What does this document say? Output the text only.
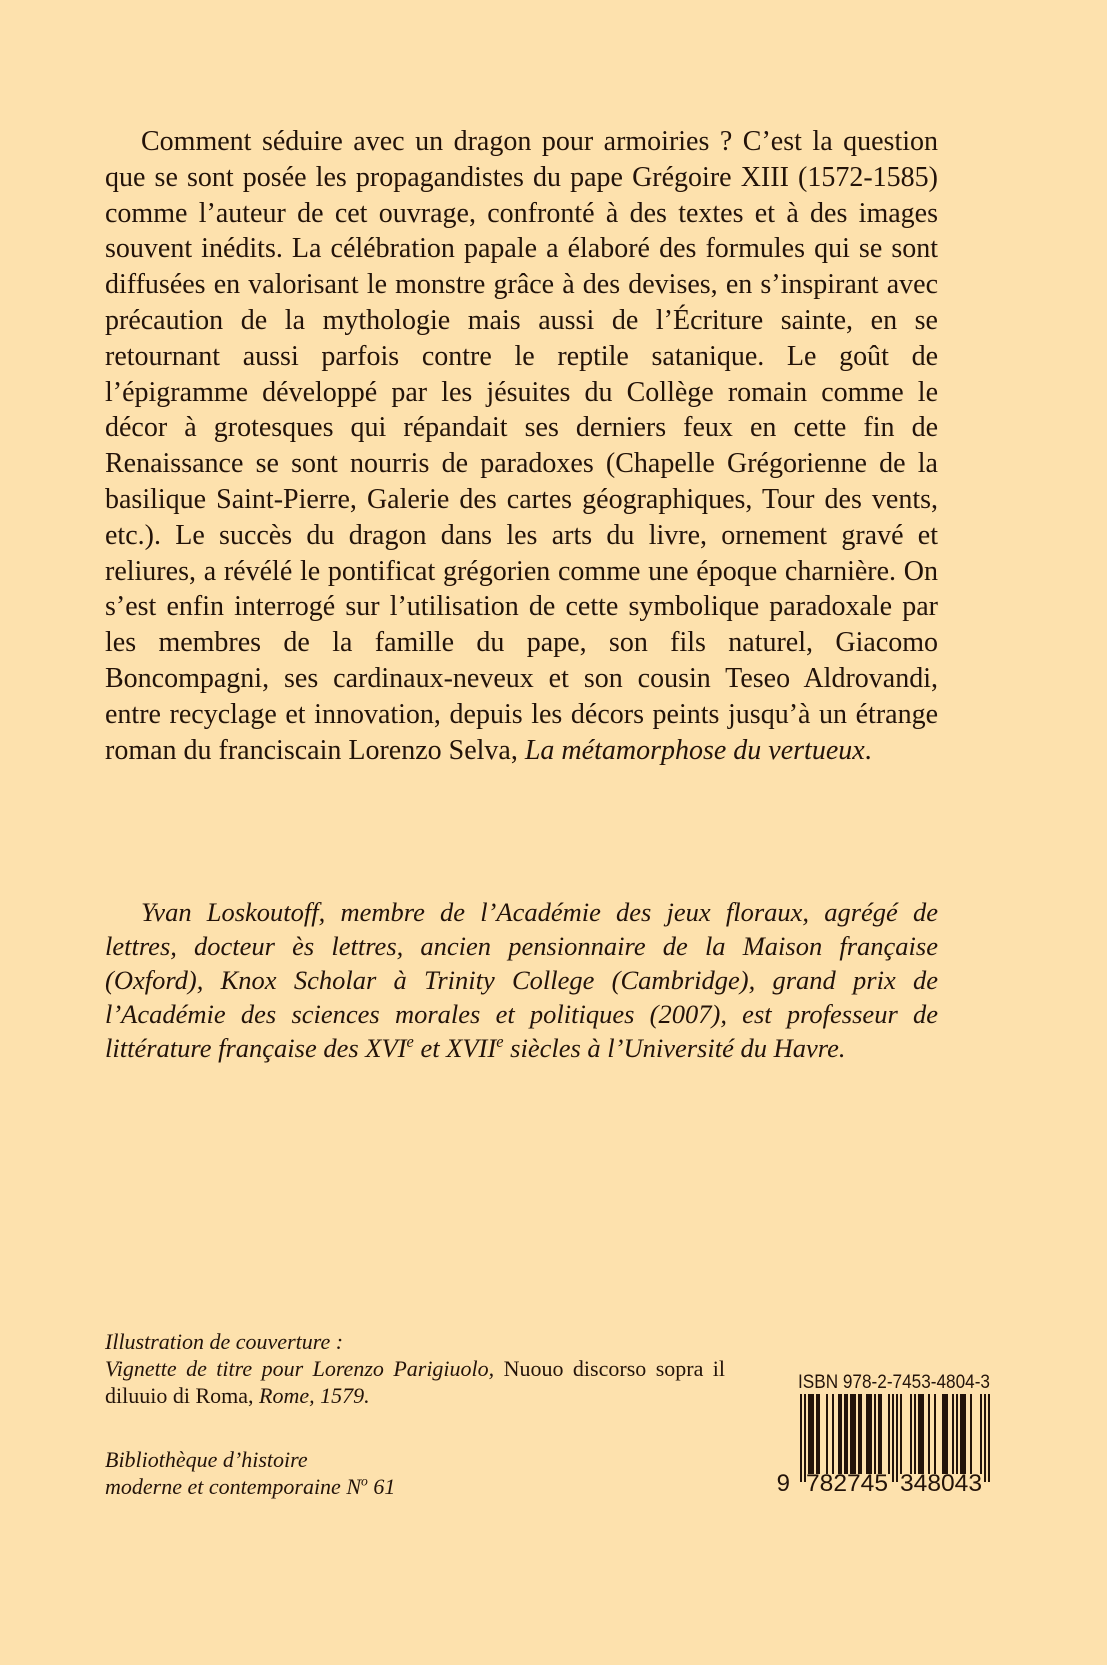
Comment séduire avec un dragon pour armoiries ? C’est la question que se sont posée les propagandistes du pape Grégoire XIII (1572-1585) comme l’auteur de cet ouvrage, confronté à des textes et à des images souvent inédits. La célébration papale a élaboré des formules qui se sont diffusées en valorisant le monstre grâce à des devises, en s’inspirant avec précaution de la mythologie mais aussi de l’Écriture sainte, en se retournant aussi parfois contre le reptile satanique. Le goût de l’épigramme développé par les jésuites du Collège romain comme le décor à grotesques qui répandait ses derniers feux en cette fin de Renaissance se sont nourris de paradoxes (Chapelle Grégorienne de la basilique Saint-Pierre, Galerie des cartes géographiques, Tour des vents, etc.). Le succès du dragon dans les arts du livre, ornement gravé et reliures, a révélé le pontificat grégorien comme une époque charnière. On s’est enfin interrogé sur l’utilisation de cette symbolique paradoxale par les membres de la famille du pape, son fils naturel, Giacomo Boncompagni, ses cardinaux-neveux et son cousin Teseo Aldrovandi, entre recyclage et innovation, depuis les décors peints jusqu’à un étrange roman du franciscain Lorenzo Selva, La métamorphose du vertueux.

Yvan Loskoutoff, membre de l’Académie des jeux floraux, agrégé de lettres, docteur ès lettres, ancien pensionnaire de la Maison française (Oxford), Knox Scholar à Trinity College (Cambridge), grand prix de l’Académie des sciences morales et politiques (2007), est professeur de littérature française des XVIe et XVIIe siècles à l’Université du Havre.

Illustration de couverture :
Vignette de titre pour Lorenzo Parigiuolo, Nuouo discorso sopra il diluuio di Roma, Rome, 1579.
Bibliothèque d’histoire
moderne et contemporaine $N^o$ 61
ISBN 978-2-7453-4804-3
9 782745 348043
